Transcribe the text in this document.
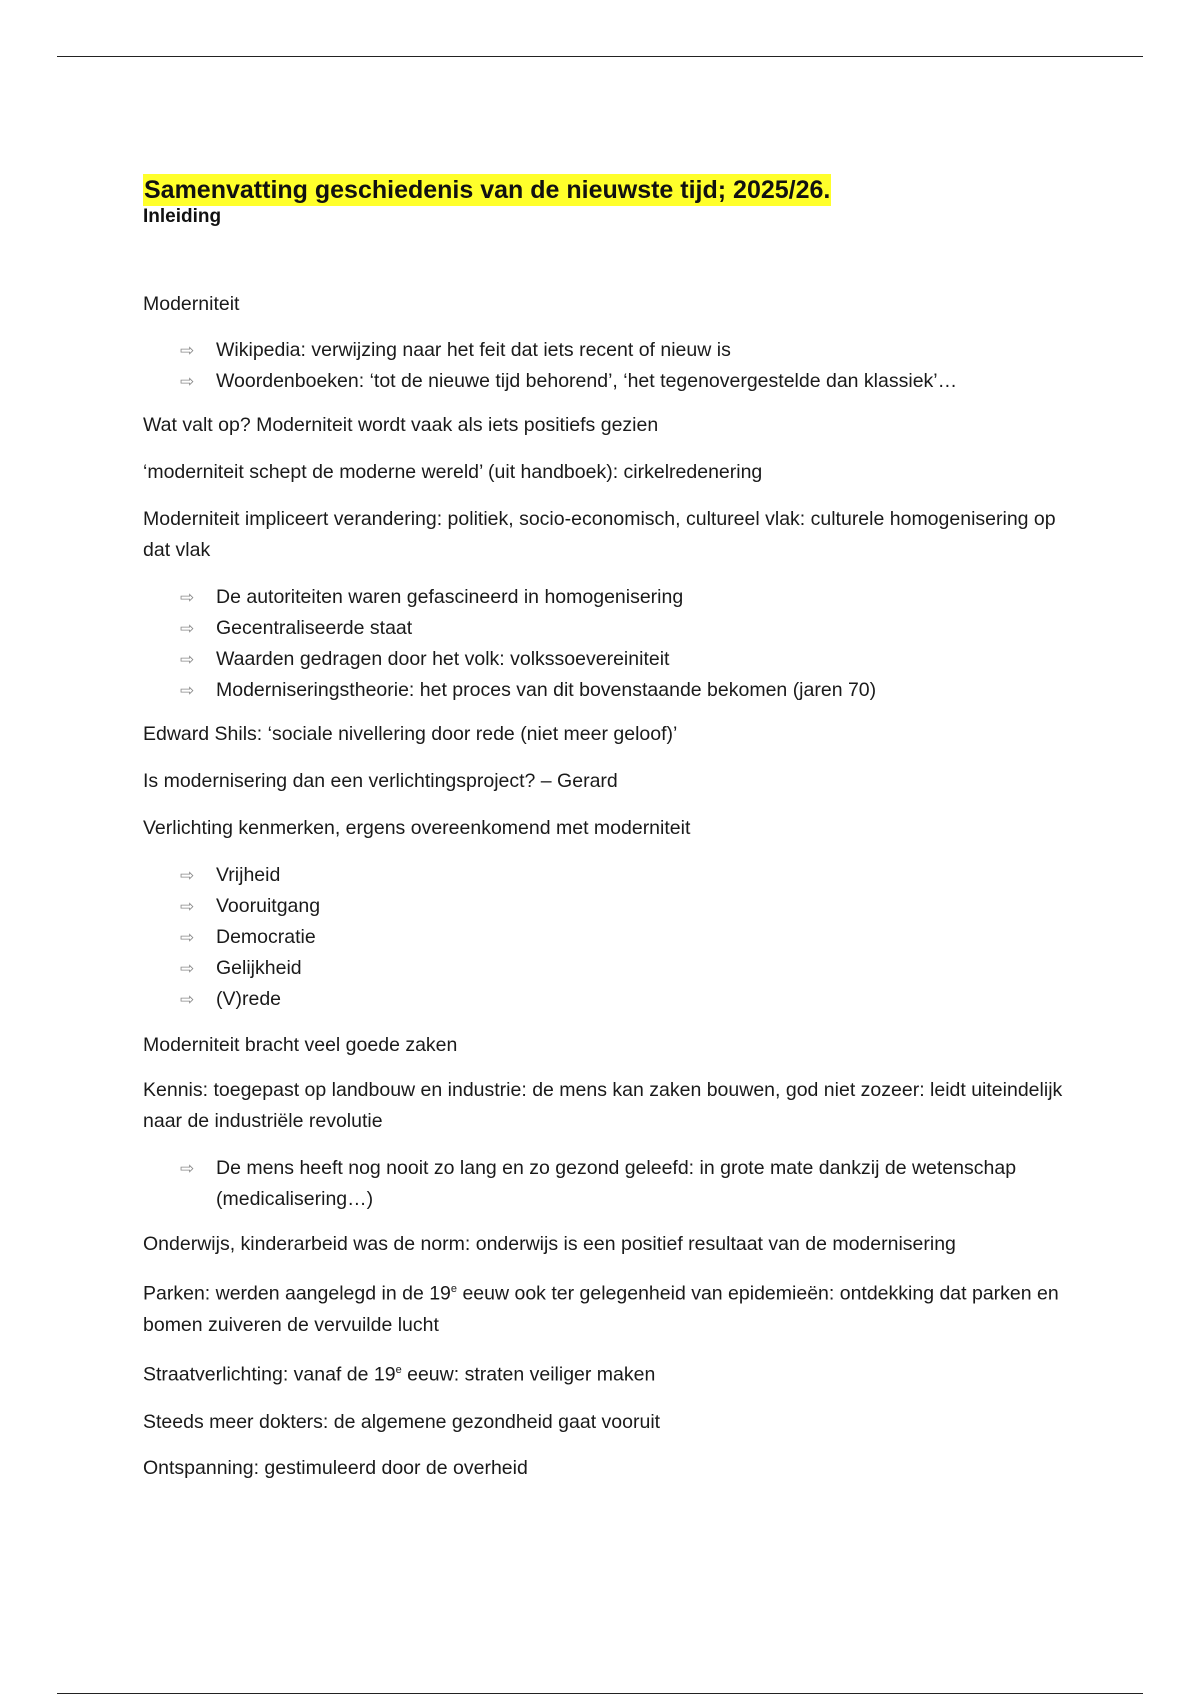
Samenvatting geschiedenis van de nieuwste tijd; 2025/26.
Inleiding
Moderniteit
⇨ Wikipedia: verwijzing naar het feit dat iets recent of nieuw is
⇨ Woordenboeken: ‘tot de nieuwe tijd behorend’, ‘het tegenovergestelde dan klassiek’…
Wat valt op? Moderniteit wordt vaak als iets positiefs gezien
‘moderniteit schept de moderne wereld’ (uit handboek): cirkelredenering
Moderniteit impliceert verandering: politiek, socio-economisch, cultureel vlak: culturele homogenisering op dat vlak
⇨ De autoriteiten waren gefascineerd in homogenisering
⇨ Gecentraliseerde staat
⇨ Waarden gedragen door het volk: volkssoevereiniteit
⇨ Moderniseringstheorie: het proces van dit bovenstaande bekomen (jaren 70)
Edward Shils: ‘sociale nivellering door rede (niet meer geloof)’
Is modernisering dan een verlichtingsproject? – Gerard
Verlichting kenmerken, ergens overeenkomend met moderniteit
⇨ Vrijheid
⇨ Vooruitgang
⇨ Democratie
⇨ Gelijkheid
⇨ (V)rede
Moderniteit bracht veel goede zaken
Kennis: toegepast op landbouw en industrie: de mens kan zaken bouwen, god niet zozeer: leidt uiteindelijk naar de industriële revolutie
⇨ De mens heeft nog nooit zo lang en zo gezond geleefd: in grote mate dankzij de wetenschap (medicalisering…)
Onderwijs, kinderarbeid was de norm: onderwijs is een positief resultaat van de modernisering
Parken: werden aangelegd in de 19e eeuw ook ter gelegenheid van epidemieën: ontdekking dat parken en bomen zuiveren de vervuilde lucht
Straatverlichting: vanaf de 19e eeuw: straten veiliger maken
Steeds meer dokters: de algemene gezondheid gaat vooruit
Ontspanning: gestimuleerd door de overheid
